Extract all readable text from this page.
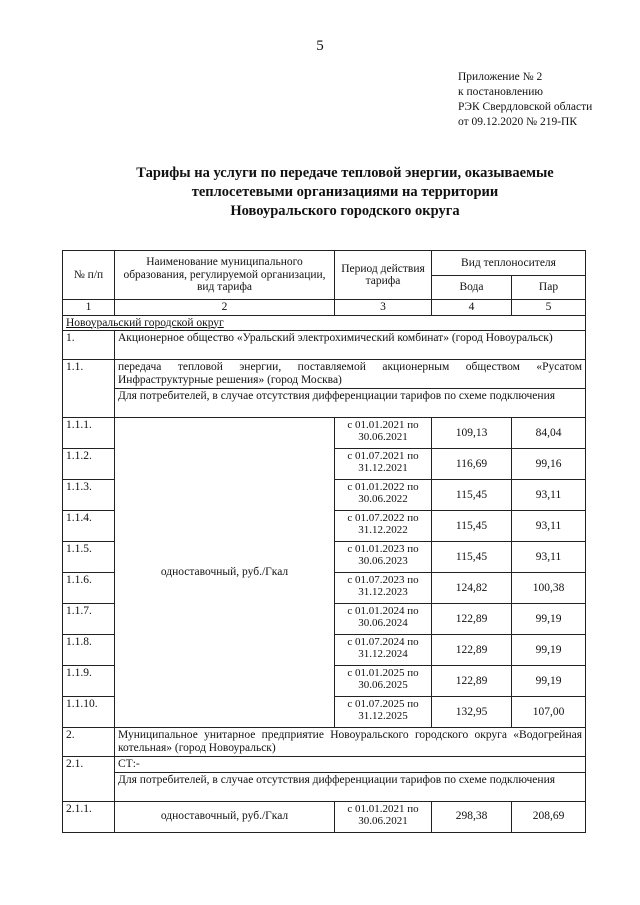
5
Приложение № 2
к постановлению
РЭК Свердловской области
от 09.12.2020 № 219-ПК
Тарифы на услуги по передаче тепловой энергии, оказываемые
теплосетевыми организациями на территории
Новоуральского городского округа
№ п/п	Наименование муниципального образования, регулируемой организации, вид тарифа	Период действия тарифа	Вид теплоносителя	
			Вода	Пар
1	2	3	4	5
Новоуральский городской округ				
1.	Акционерное общество «Уральский электрохимический комбинат» (город Новоуральск)			
1.1.	передача тепловой энергии, поставляемой акционерным обществом «Русатом Инфраструктурные решения» (город Москва)			
	Для потребителей, в случае отсутствия дифференциации тарифов по схеме подключения			
1.1.1.	одноставочный, руб./Гкал	с 01.01.2021 по
30.06.2021	109,13	84,04
1.1.2.		с 01.07.2021 по
31.12.2021	116,69	99,16
1.1.3.		с 01.01.2022 по
30.06.2022	115,45	93,11
1.1.4.		с 01.07.2022 по
31.12.2022	115,45	93,11
1.1.5.		с 01.01.2023 по
30.06.2023	115,45	93,11
1.1.6.		с 01.07.2023 по
31.12.2023	124,82	100,38
1.1.7.		с 01.01.2024 по
30.06.2024	122,89	99,19
1.1.8.		с 01.07.2024 по
31.12.2024	122,89	99,19
1.1.9.		с 01.01.2025 по
30.06.2025	122,89	99,19
1.1.10.		с 01.07.2025 по
31.12.2025	132,95	107,00
2.	Муниципальное унитарное предприятие Новоуральского городского округа «Водогрейная котельная» (город Новоуральск)			
2.1.	СТ:-			
	Для потребителей, в случае отсутствия дифференциации тарифов по схеме подключения			
2.1.1.	одноставочный, руб./Гкал	с 01.01.2021 по
30.06.2021	298,38	208,69
